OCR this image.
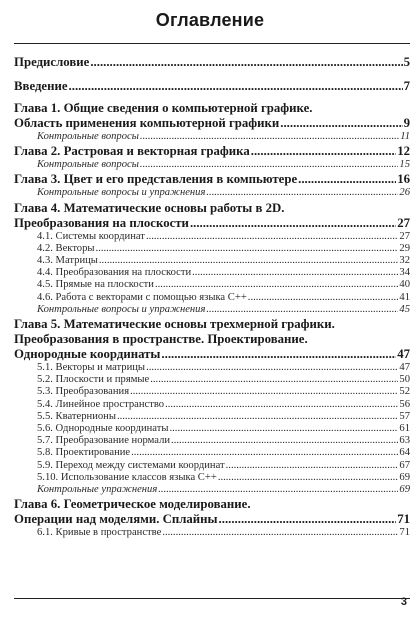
Оглавление
Предисловие .....	5
Введение .....	7
Глава 1. Общие сведения о компьютерной графике.
Область применения компьютерной графики .....	9
Контрольные вопросы .....	11
Глава 2. Растровая и векторная графика .....	12
Контрольные вопросы .....	15
Глава 3. Цвет и его представления в компьютере .....	16
Контрольные вопросы и упражнения .....	26
Глава 4. Математические основы работы в 2D.
Преобразования на плоскости .....	27
4.1. Системы координат .....	27
4.2. Векторы .....	29
4.3. Матрицы .....	32
4.4. Преобразования на плоскости .....	34
4.5. Прямые на плоскости .....	40
4.6. Работа с векторами с помощью языка C++ .....	41
Контрольные вопросы и упражнения .....	45
Глава 5. Математические основы трехмерной графики.
Преобразования в пространстве. Проектирование.
Однородные координаты .....	47
5.1. Векторы и матрицы .....	47
5.2. Плоскости и прямые .....	50
5.3. Преобразования .....	52
5.4. Линейное пространство .....	56
5.5. Кватернионы .....	57
5.6. Однородные координаты .....	61
5.7. Преобразование нормали .....	63
5.8. Проектирование .....	64
5.9. Переход между системами координат .....	67
5.10. Использование классов языка C++ .....	69
Контрольные упражнения .....	69
Глава 6. Геометрическое моделирование.
Операции над моделями. Сплайны .....	71
6.1. Кривые в пространстве .....	71
3
